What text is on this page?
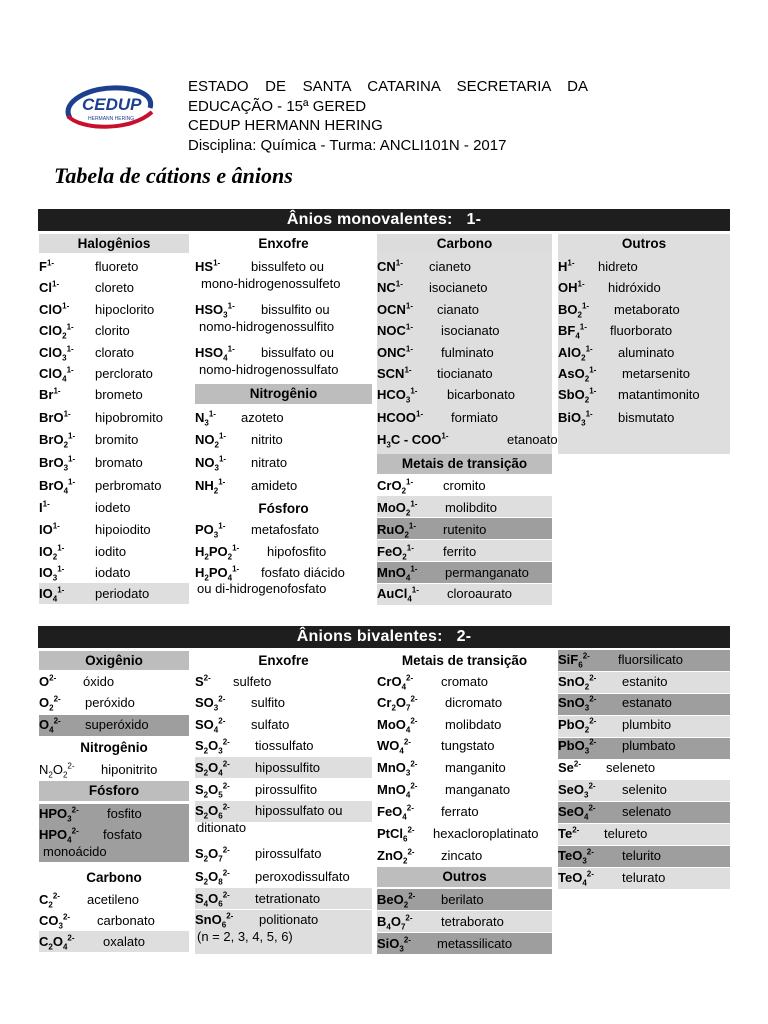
CEDUP
HERMANN HERING
ESTADO DE SANTA CATARINA SECRETARIA DA
EDUCAÇÃO - 15ª GERED
CEDUP HERMANN HERING
Disciplina: Química - Turma: ANCLI101N - 2017
Tabela de cátions e ânions
Ânios monovalentes: 1-
Halogênios
$F^{1-}$	fluoreto
$Cl^{1-}$	cloreto
ClO$^{1-}$ hipoclorito
ClO$_2^{1-}$ clorito
ClO$_3^{1-}$ clorato
ClO$_4^{1-}$ perclorato
$Br^{1-}$	brometo
BrO$^{1-}$ hipobromito
BrO$_2^{1-}$ bromito
BrO$_3^{1-}$ bromato
BrO$_4^{1-}$ perbromato
$I^{1-}$	iodeto
$IO^{1-}$	hipoiodito
$IO_2^{1-}$ iodito
$IO_3^{1-}$ iodato
$IO_4^{1-}$ periodato
Enxofre
$HS^{1-}$ bissulfeto ou
mono-hidrogenossulfeto
$HSO_3^{1-}$ bissulfito ou
nomo-hidrogenossulfito
$HSO_4^{1-}$ bissulfato ou
nomo-hidrogenossulfato
Nitrogênio
$N_3^{1-}$ azoteto
$NO_2^{1-}$ nitrito
$NO_3^{1-}$ nitrato
$NH_2^{1-}$ amideto
Fósforo
$PO_3^{1-}$ metafosfato
$H_2PO_2^{1-}$ hipofosfito
$H_2PO_4^{1-}$ fosfato diácido
ou di-hidrogenofosfato
Carbono
$CN^{1-}$ cianeto
$NC^{1-}$ isocianeto
$OCN^{1-}$ cianato
$NOC^{1-}$ isocianato
$ONC^{1-}$ fulminato
$SCN^{1-}$ tiocianato
$HCO_3^{1-}$ bicarbonato
$HCOO^{1-}$ formiato
$H_3C - COO^{1-}$	etanoato
Metais de transição
CrO$_2^{1-}$ cromito
MoO$_2^{1-}$ molibdito
RuO$_2^{1-}$ rutenito
FeO$_2^{1-}$ ferrito
MnO$_4^{1-}$ permanganato
AuCl$_4^{1-}$ cloroaurato
Outros
$H^{1-}$ hidreto
$OH^{1-}$ hidróxido
$BO_2^{1-}$ metaborato
$BF_4^{1-}$ fluorborato
AlO$_2^{1-}$ aluminato
AsO$_2^{1-}$ metarsenito
SbO$_2^{1-}$ matantimonito
BiO$_3^{1-}$ bismutato
Ânions bivalentes: 2-
Oxigênio
$O^{2-}$ óxido
$O_2^{2-}$ peróxido
$O_4^{2-}$ superóxido
Nitrogênio
$N_2O_2^{2-}$ hiponitrito
Fósforo
$HPO_3^{2-}$ fosfito
$HPO_4^{2-}$ fosfato
monoácido
Carbono
$C_2^{2-}$ acetileno
$CO_3^{2-}$ carbonato
$C_2O_4^{2-}$ oxalato
Enxofre
$S^{2-}$ sulfeto
$SO_3^{2-}$ sulfito
$SO_4^{2-}$ sulfato
$S_2O_3^{2-}$ tiossulfato
$S_2O_4^{2-}$ hipossulfito
$S_2O_5^{2-}$ pirossulfito
$S_2O_6^{2-}$ hipossulfato ou
ditionato
$S_2O_7^{2-}$ pirossulfato
$S_2O_8^{2-}$ peroxodissulfato
$S_4O_6^{2-}$ tetrationato
SnO$_6^{2-}$ politionato
(n = 2, 3, 4, 5, 6)
Metais de transição
CrO$_4^{2-}$ cromato
$Cr_2O_7^{2-}$ dicromato
MoO$_4^{2-}$ molibdato
$WO_4^{2-}$ tungstato
MnO$_3^{2-}$ manganito
MnO$_4^{2-}$ manganato
FeO$_4^{2-}$ ferrato
PtCl$_6^{2-}$ hexacloroplatinato
ZnO$_2^{2-}$ zincato
Outros
BeO$_2^{2-}$ berilato
$B_4O_7^{2-}$ tetraborato
SiO$_3^{2-}$ metassilicato
SiF$_6^{2-}$ fluorsilicato
SnO$_2^{2-}$ estanito
SnO$_3^{2-}$ estanato
PbO$_2^{2-}$ plumbito
PbO$_3^{2-}$ plumbato
$Se^{2-}$ seleneto
SeO$_3^{2-}$ selenito
SeO$_4^{2-}$ selenato
$Te^{2-}$ telureto
TeO$_3^{2-}$ telurito
TeO$_4^{2-}$ telurato
